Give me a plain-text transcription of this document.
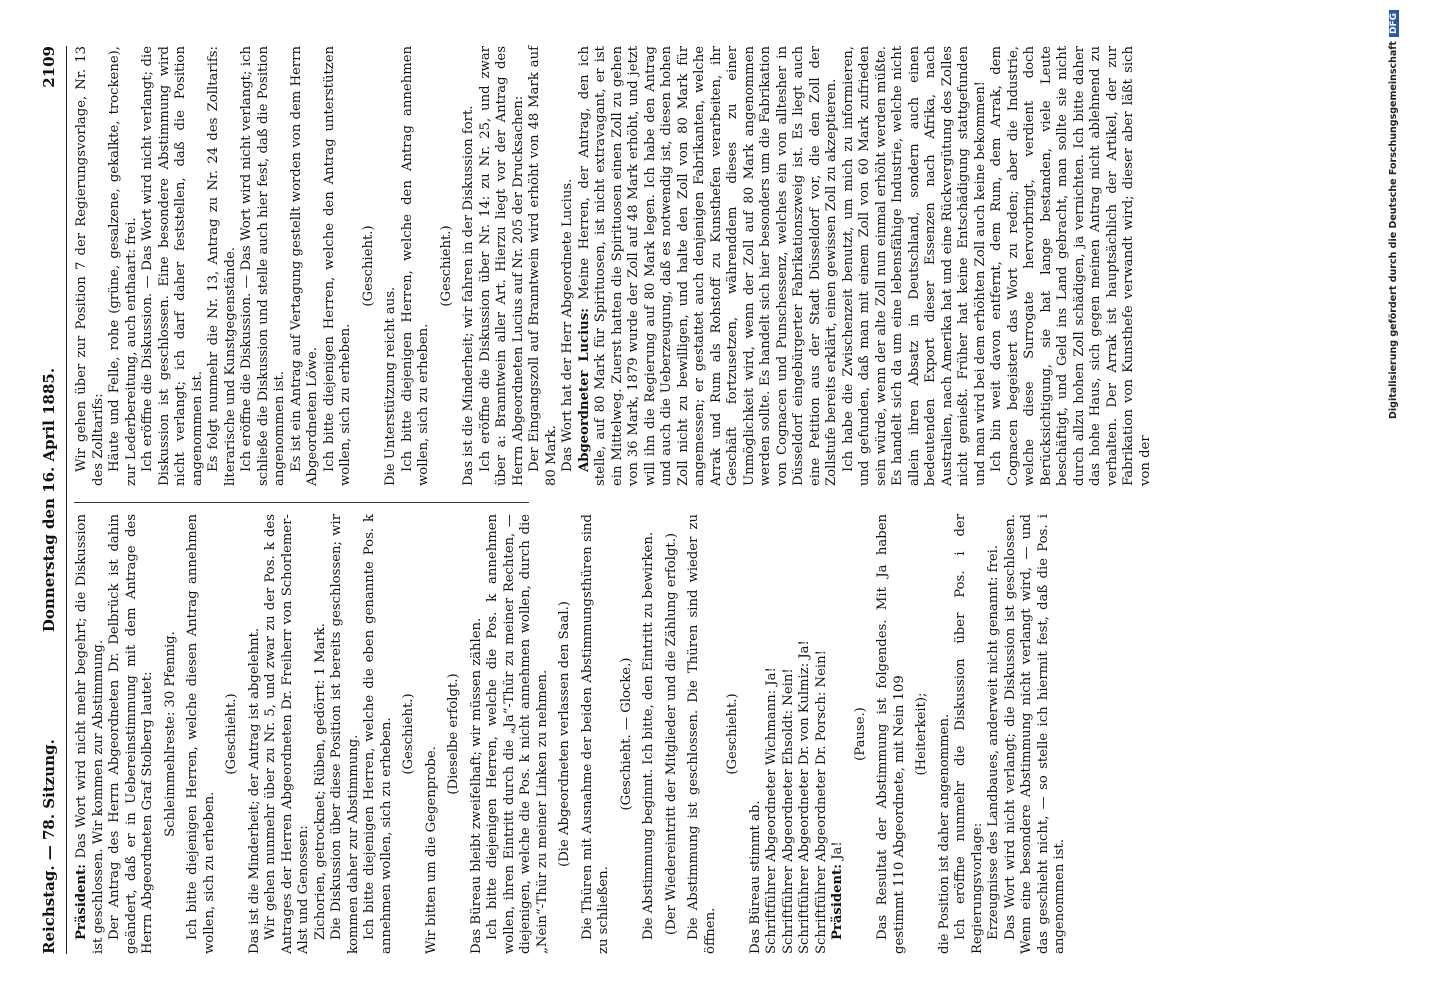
Reichstag. — 78. Sitzung.
Donnerstag den 16. April 1885.
2109

Präsident: Das Wort wird nicht mehr begehrt; die Diskussion ist geschlossen. Wir kommen zur Abstimmung. Der Antrag des Herrn Abgeordneten Dr. Delbrück ist dahin geändert, daß er in Uebereinstimmung mit dem Antrage des Herrn Abgeordneten Graf Stolberg lautet: Schleimmehlreste: 30 Pfennig. Ich bitte diejenigen Herren, welche diesen Antrag annehmen wollen, sich zu erheben.

(Geschieht.) Das ist die Minderheit; der Antrag ist abgelehnt. Wir gehen nunmehr über zu Nr. 5, und zwar zu der Pos. k des Antrages der Herren Abgeordneten Dr. Freiherr von Schorlemer-Alst und Genossen: Zichorien, getrocknet; Rüben, gedörrt: 1 Mark. Die Diskussion über diese Position ist bereits geschlossen; wir kommen daher zur Abstimmung. Ich bitte diejenigen Herren, welche die eben genannte Pos. k annehmen wollen, sich zu erheben. (Geschieht.)

Wir bitten um die Gegenprobe.

(Dieselbe erfolgt.) Das Büreau bleibt zweifelhaft; wir müssen zählen. Ich bitte diejenigen Herren, welche die Pos. k annehmen wollen, ihren Eintritt durch die „Ja“-Thür zu meiner Rechten, — diejenigen, welche die Pos. k nicht annehmen wollen, durch die „Nein“-Thür zu meiner Linken zu nehmen. (Die Abgeordneten verlassen den Saal.) Die Thüren mit Ausnahme der beiden Abstimmungsthüren sind zu schließen.

(Geschieht. — Glocke.) Die Abstimmung beginnt. Ich bitte, den Eintritt zu bewirken. (Der Wiedereintritt der Mitglieder und die Zählung erfolgt.) Die Abstimmung ist geschlossen. Die Thüren sind wieder zu öffnen.

(Geschieht.)

Das Büreau stimmt ab. Schriftführer Abgeordneter Wichmann: Ja! Schriftführer Abgeordneter Ehsoldt: Nein! Schriftführer Abgeordneter Dr. von Kulmiz: Ja! Schriftführer Abgeordneter Dr. Porsch: Nein! Präsident: Ja!

(Pause.) Das Resultat der Abstimmung ist folgendes. Mit Ja haben gestimmt 110 Abgeordnete, mit Nein 109 (Heiterkeit); die Position ist daher angenommen. Ich eröffne nunmehr die Diskussion über Pos. i der Regierungsvorlage: Erzeugnisse des Landbaues, anderweit nicht genannt: frei. Das Wort wird nicht verlangt; die Diskussion ist geschlossen. Wenn eine besondere Abstimmung nicht verlangt wird, — und das geschieht nicht, — so stelle ich hiermit fest, daß die Pos. i angenommen ist.

Wir gehen über zur Position 7 der Regierungsvorlage, Nr. 13 des Zolltarifs: Häute und Felle, rohe (grüne, gesalzene, gekalkte, trockene), zur Lederbereitung, auch enthaart: frei. Ich eröffne die Diskussion. — Das Wort wird nicht verlangt; die Diskussion ist geschlossen. Eine besondere Abstimmung wird nicht verlangt; ich darf daher feststellen, daß die Position angenommen ist. Es folgt nunmehr die Nr. 13, Antrag zu Nr. 24 des Zolltarifs: literarische und Kunstgegenstände. Ich eröffne die Diskussion. — Das Wort wird nicht verlangt; ich schließe die Diskussion und stelle auch hier fest, daß die Position angenommen ist. Es ist ein Antrag auf Vertagung gestellt worden von dem Herrn Abgeordneten Löwe. Ich bitte diejenigen Herren, welche den Antrag unterstützen wollen, sich zu erheben.

(Geschieht.)

Die Unterstützung reicht aus. Ich bitte diejenigen Herren, welche den Antrag annehmen wollen, sich zu erheben.

(Geschieht.) Das ist die Minderheit; wir fahren in der Diskussion fort. Ich eröffne die Diskussion über Nr. 14: zu Nr. 25, und zwar über a: Branntwein aller Art. Hierzu liegt vor der Antrag des Herrn Abgeordneten Lucius auf Nr. 205 der Drucksachen: Der Eingangszoll auf Branntwein wird erhöht von 48 Mark auf 80 Mark. Das Wort hat der Herr Abgeordnete Lucius. Abgeordneter Lucius: Meine Herren, der Antrag, den ich stelle, auf 80 Mark für Spirituosen, ist nicht extravagant, er ist ein Mittelweg. Zuerst hatten die Spirituosen einen Zoll zu gehen von 36 Mark, 1879 wurde der Zoll auf 48 Mark erhöht, und jetzt will ihn die Regierung auf 80 Mark legen. Ich habe den Antrag und auch die Ueberzeugung, daß es notwendig ist, diesen hohen Zoll nicht zu bewilligen, und halte den Zoll von 80 Mark für angemessen; er gestattet auch denjenigen Fabrikanten, welche Arrak und Rum als Rohstoff zu Kunsthefen verarbeiten, ihr Geschäft fortzusetzen, währenddem dieses zu einer Unmöglichkeit wird, wenn der Zoll auf 80 Mark angenommen werden sollte. Es handelt sich hier besonders um die Fabrikation von Cognacen und Punschessenz, welches ein von alltesher in Düsseldorf eingebürgerter Fabrikationszweig ist. Es liegt auch eine Petition aus der Stadt Düsseldorf vor, die den Zoll der Zollstufe bereits erklärt, einen gewissen Zoll zu akzeptieren. Ich habe die Zwischenzeit benutzt, um mich zu informieren, und gefunden, daß man mit einem Zoll von 60 Mark zufrieden sein würde, wenn der alte Zoll nun einmal erhöht werden müßte. Es handelt sich da um eine lebensfähige Industrie, welche nicht allein ihren Absatz in Deutschland, sondern auch einen bedeutenden Export dieser Essenzen nach Afrika, nach Australien, nach Amerika hat und eine Rückvergütung des Zolles nicht genießt. Früher hat keine Entschädigung stattgefunden und man wird bei dem erhöhten Zoll auch keine bekommen! Ich bin weit davon entfernt, dem Rum, dem Arrak, dem Cognacen begeistert das Wort zu reden; aber die Industrie, welche diese Surrogate hervorbringt, verdient doch Berücksichtigung, sie hat lange bestanden, viele Leute beschäftigt, und Geld ins Land gebracht, man sollte sie nicht durch allzu hohen Zoll schädigen, ja vernichten. Ich bitte daher das hohe Haus, sich gegen meinen Antrag nicht ablehnend zu verhalten. Der Arrak ist hauptsächlich der Artikel, der zur Fabrikation von Kunsthefe verwandt wird; dieser aber läßt sich von der

Digitalisierung gefördert durch die Deutsche ForschungsgemeinschaftDFG
